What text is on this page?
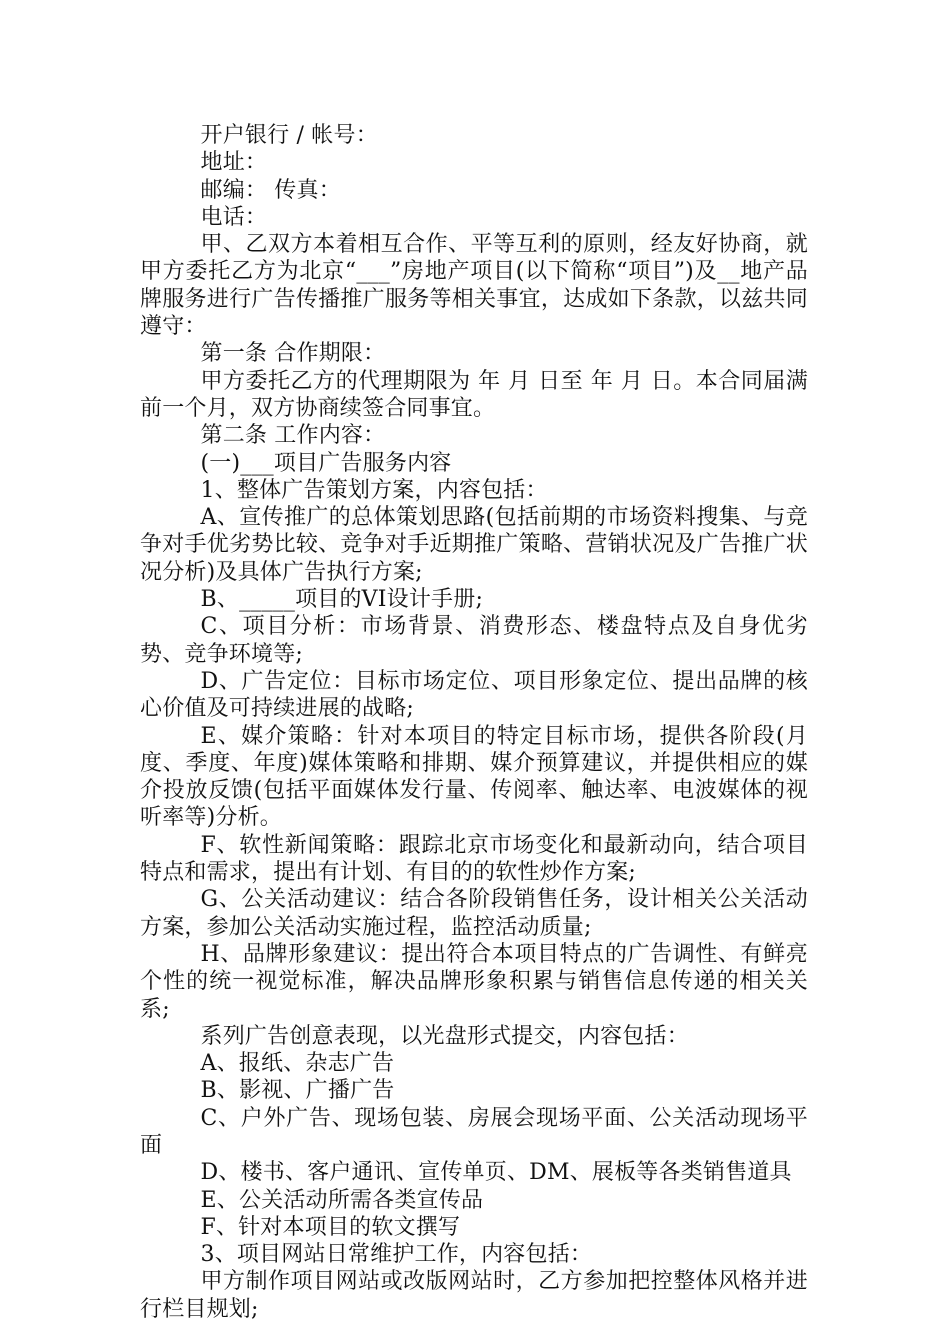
开户银行 / 帐号：

地址：

邮编： 传真：

电话：

甲、乙双方本着相互合作、平等互利的原则，经友好协商，就甲方委托乙方为北京“___”房地产项目(以下简称“项目”)及__地产品牌服务进行广告传播推广服务等相关事宜，达成如下条款，以兹共同遵守：

第一条 合作期限：

甲方委托乙方的代理期限为 年 月 日至 年 月 日。本合同届满前一个月，双方协商续签合同事宜。

第二条 工作内容：

(一)___项目广告服务内容

1、整体广告策划方案，内容包括：

A、宣传推广的总体策划思路(包括前期的市场资料搜集、与竞争对手优劣势比较、竞争对手近期推广策略、营销状况及广告推广状况分析)及具体广告执行方案;

B、_____项目的VI设计手册;

C、项目分析：市场背景、消费形态、楼盘特点及自身优劣势、竞争环境等;

D、广告定位：目标市场定位、项目形象定位、提出品牌的核心价值及可持续进展的战略;

E、媒介策略：针对本项目的特定目标市场，提供各阶段(月度、季度、年度)媒体策略和排期、媒介预算建议，并提供相应的媒介投放反馈(包括平面媒体发行量、传阅率、触达率、电波媒体的视听率等)分析。

F、软性新闻策略：跟踪北京市场变化和最新动向，结合项目特点和需求，提出有计划、有目的的软性炒作方案;

G、公关活动建议：结合各阶段销售任务，设计相关公关活动方案，参加公关活动实施过程，监控活动质量;

H、品牌形象建议：提出符合本项目特点的广告调性、有鲜亮个性的统一视觉标准，解决品牌形象积累与销售信息传递的相关关系;

系列广告创意表现，以光盘形式提交，内容包括：

A、报纸、杂志广告

B、影视、广播广告

C、户外广告、现场包装、房展会现场平面、公关活动现场平面

D、楼书、客户通讯、宣传单页、DM、展板等各类销售道具

E、公关活动所需各类宣传品

F、针对本项目的软文撰写

3、项目网站日常维护工作，内容包括：

甲方制作项目网站或改版网站时，乙方参加把控整体风格并进行栏目规划;
